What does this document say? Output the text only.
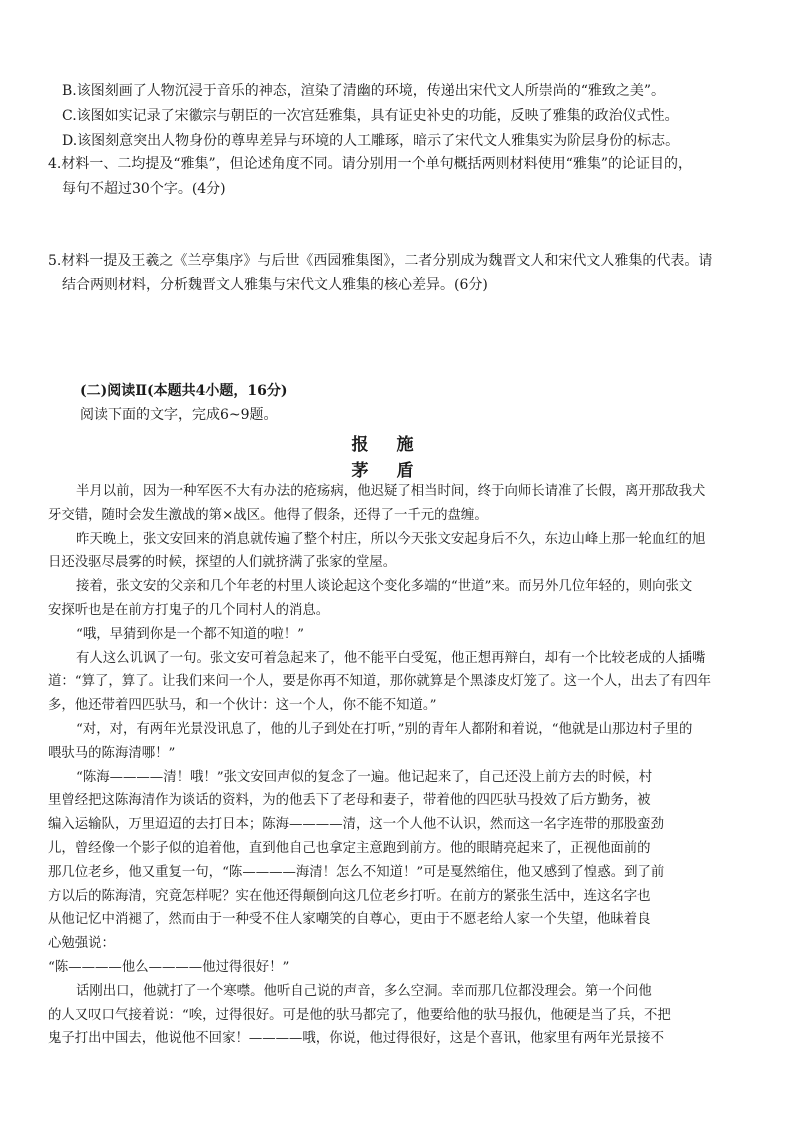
B.该图刻画了人物沉浸于音乐的神态，渲染了清幽的环境，传递出宋代文人所崇尚的“雅致之美”。
C.该图如实记录了宋徽宗与朝臣的一次宫廷雅集，具有证史补史的功能，反映了雅集的政治仪式性。
D.该图刻意突出人物身份的尊卑差异与环境的人工雕琢，暗示了宋代文人雅集实为阶层身份的标志。
4.材料一、二均提及“雅集”，但论述角度不同。请分别用一个单句概括两则材料使用“雅集”的论证目的，
每句不超过30个字。(4分)
5.材料一提及王羲之《兰亭集序》与后世《西园雅集图》，二者分别成为魏晋文人和宋代文人雅集的代表。请
结合两则材料，分析魏晋文人雅集与宋代文人雅集的核心差异。(6分)
(二)阅读Ⅱ(本题共4小题，16分)
阅读下面的文字，完成6~9题。
报施
茅盾
半月以前，因为一种军医不大有办法的疮疡病，他迟疑了相当时间，终于向师长请准了长假，离开那敌我犬
牙交错，随时会发生激战的第×战区。他得了假条，还得了一千元的盘缠。
昨天晚上，张文安回来的消息就传遍了整个村庄，所以今天张文安起身后不久，东边山峰上那一轮血红的旭
日还没驱尽晨雾的时候，探望的人们就挤满了张家的堂屋。
接着，张文安的父亲和几个年老的村里人谈论起这个变化多端的“世道”来。而另外几位年轻的，则向张文
安探听也是在前方打鬼子的几个同村人的消息。
“哦，早猜到你是一个都不知道的啦！”
有人这么讥讽了一句。张文安可着急起来了，他不能平白受冤，他正想再辩白，却有一个比较老成的人插嘴
道：“算了，算了。让我们来问一个人，要是你再不知道，那你就算是个黑漆皮灯笼了。这一个人，出去了有四年
多，他还带着四匹驮马，和一个伙计：这一个人，你不能不知道。”
“对，对，有两年光景没讯息了，他的儿子到处在打听，”别的青年人都附和着说，“他就是山那边村子里的
喂驮马的陈海清哪！”
“陈海————清！哦！”张文安回声似的复念了一遍。他记起来了，自己还没上前方去的时候，村
里曾经把这陈海清作为谈话的资料，为的他丢下了老母和妻子，带着他的四匹驮马投效了后方勤务，被
编入运输队，万里迢迢的去打日本；陈海————清，这一个人他不认识，然而这一名字连带的那股蛮劲
儿，曾经像一个影子似的追着他，直到他自己也拿定主意跑到前方。他的眼睛亮起来了，正视他面前的
那几位老乡，他又重复一句，“陈————海清！怎么不知道！”可是戛然缩住，他又感到了惶惑。到了前
方以后的陈海清，究竟怎样呢？实在他还得颠倒向这几位老乡打听。在前方的紧张生活中，连这名字也
从他记忆中消褪了，然而由于一种受不住人家嘲笑的自尊心，更由于不愿老给人家一个失望，他昧着良
心勉强说：
“陈————他么————他过得很好！”
话刚出口，他就打了一个寒噤。他听自己说的声音，多么空洞。幸而那几位都没理会。第一个问他
的人又叹口气接着说：“唉，过得很好。可是他的驮马都完了，他要给他的驮马报仇，他硬是当了兵，不把
鬼子打出中国去，他说他不回家！————哦，你说，他过得很好，这是个喜讯，他家里有两年光景接不
